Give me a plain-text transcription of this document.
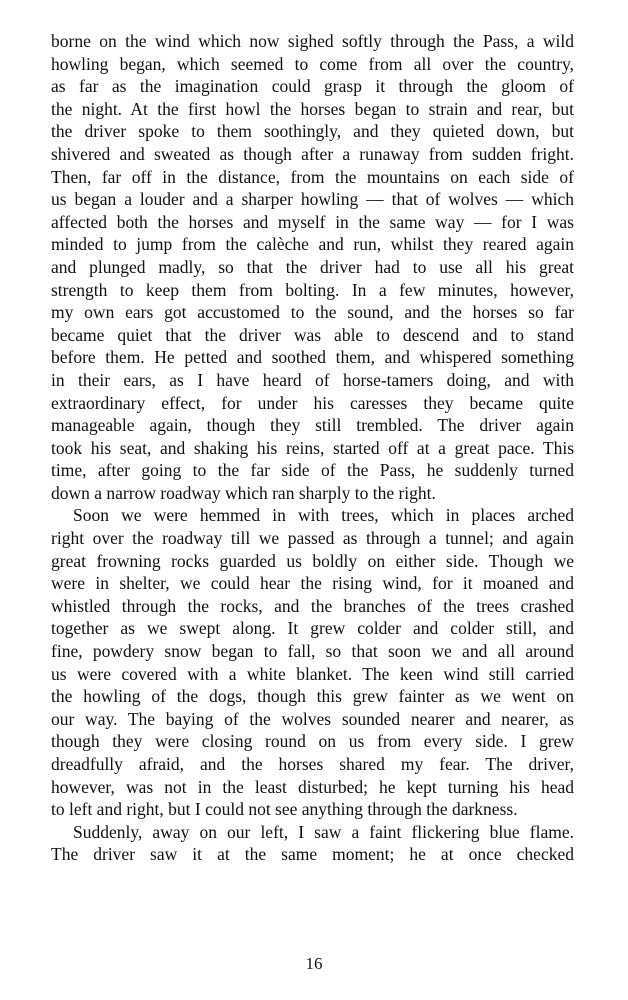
borne on the wind which now sighed softly through the Pass, a wild
howling began, which seemed to come from all over the country,
as far as the imagination could grasp it through the gloom of
the night. At the first howl the horses began to strain and rear, but
the driver spoke to them soothingly, and they quieted down, but
shivered and sweated as though after a runaway from sudden fright.
Then, far off in the distance, from the mountains on each side of
us began a louder and a sharper howling — that of wolves — which
affected both the horses and myself in the same way — for I was
minded to jump from the calèche and run, whilst they reared again
and plunged madly, so that the driver had to use all his great
strength to keep them from bolting. In a few minutes, however,
my own ears got accustomed to the sound, and the horses so far
became quiet that the driver was able to descend and to stand
before them. He petted and soothed them, and whispered something
in their ears, as I have heard of horse-tamers doing, and with
extraordinary effect, for under his caresses they became quite
manageable again, though they still trembled. The driver again
took his seat, and shaking his reins, started off at a great pace. This
time, after going to the far side of the Pass, he suddenly turned
down a narrow roadway which ran sharply to the right.
Soon we were hemmed in with trees, which in places arched
right over the roadway till we passed as through a tunnel; and again
great frowning rocks guarded us boldly on either side. Though we
were in shelter, we could hear the rising wind, for it moaned and
whistled through the rocks, and the branches of the trees crashed
together as we swept along. It grew colder and colder still, and
fine, powdery snow began to fall, so that soon we and all around
us were covered with a white blanket. The keen wind still carried
the howling of the dogs, though this grew fainter as we went on
our way. The baying of the wolves sounded nearer and nearer, as
though they were closing round on us from every side. I grew
dreadfully afraid, and the horses shared my fear. The driver,
however, was not in the least disturbed; he kept turning his head
to left and right, but I could not see anything through the darkness.
Suddenly, away on our left, I saw a faint flickering blue flame.
The driver saw it at the same moment; he at once checked
16
